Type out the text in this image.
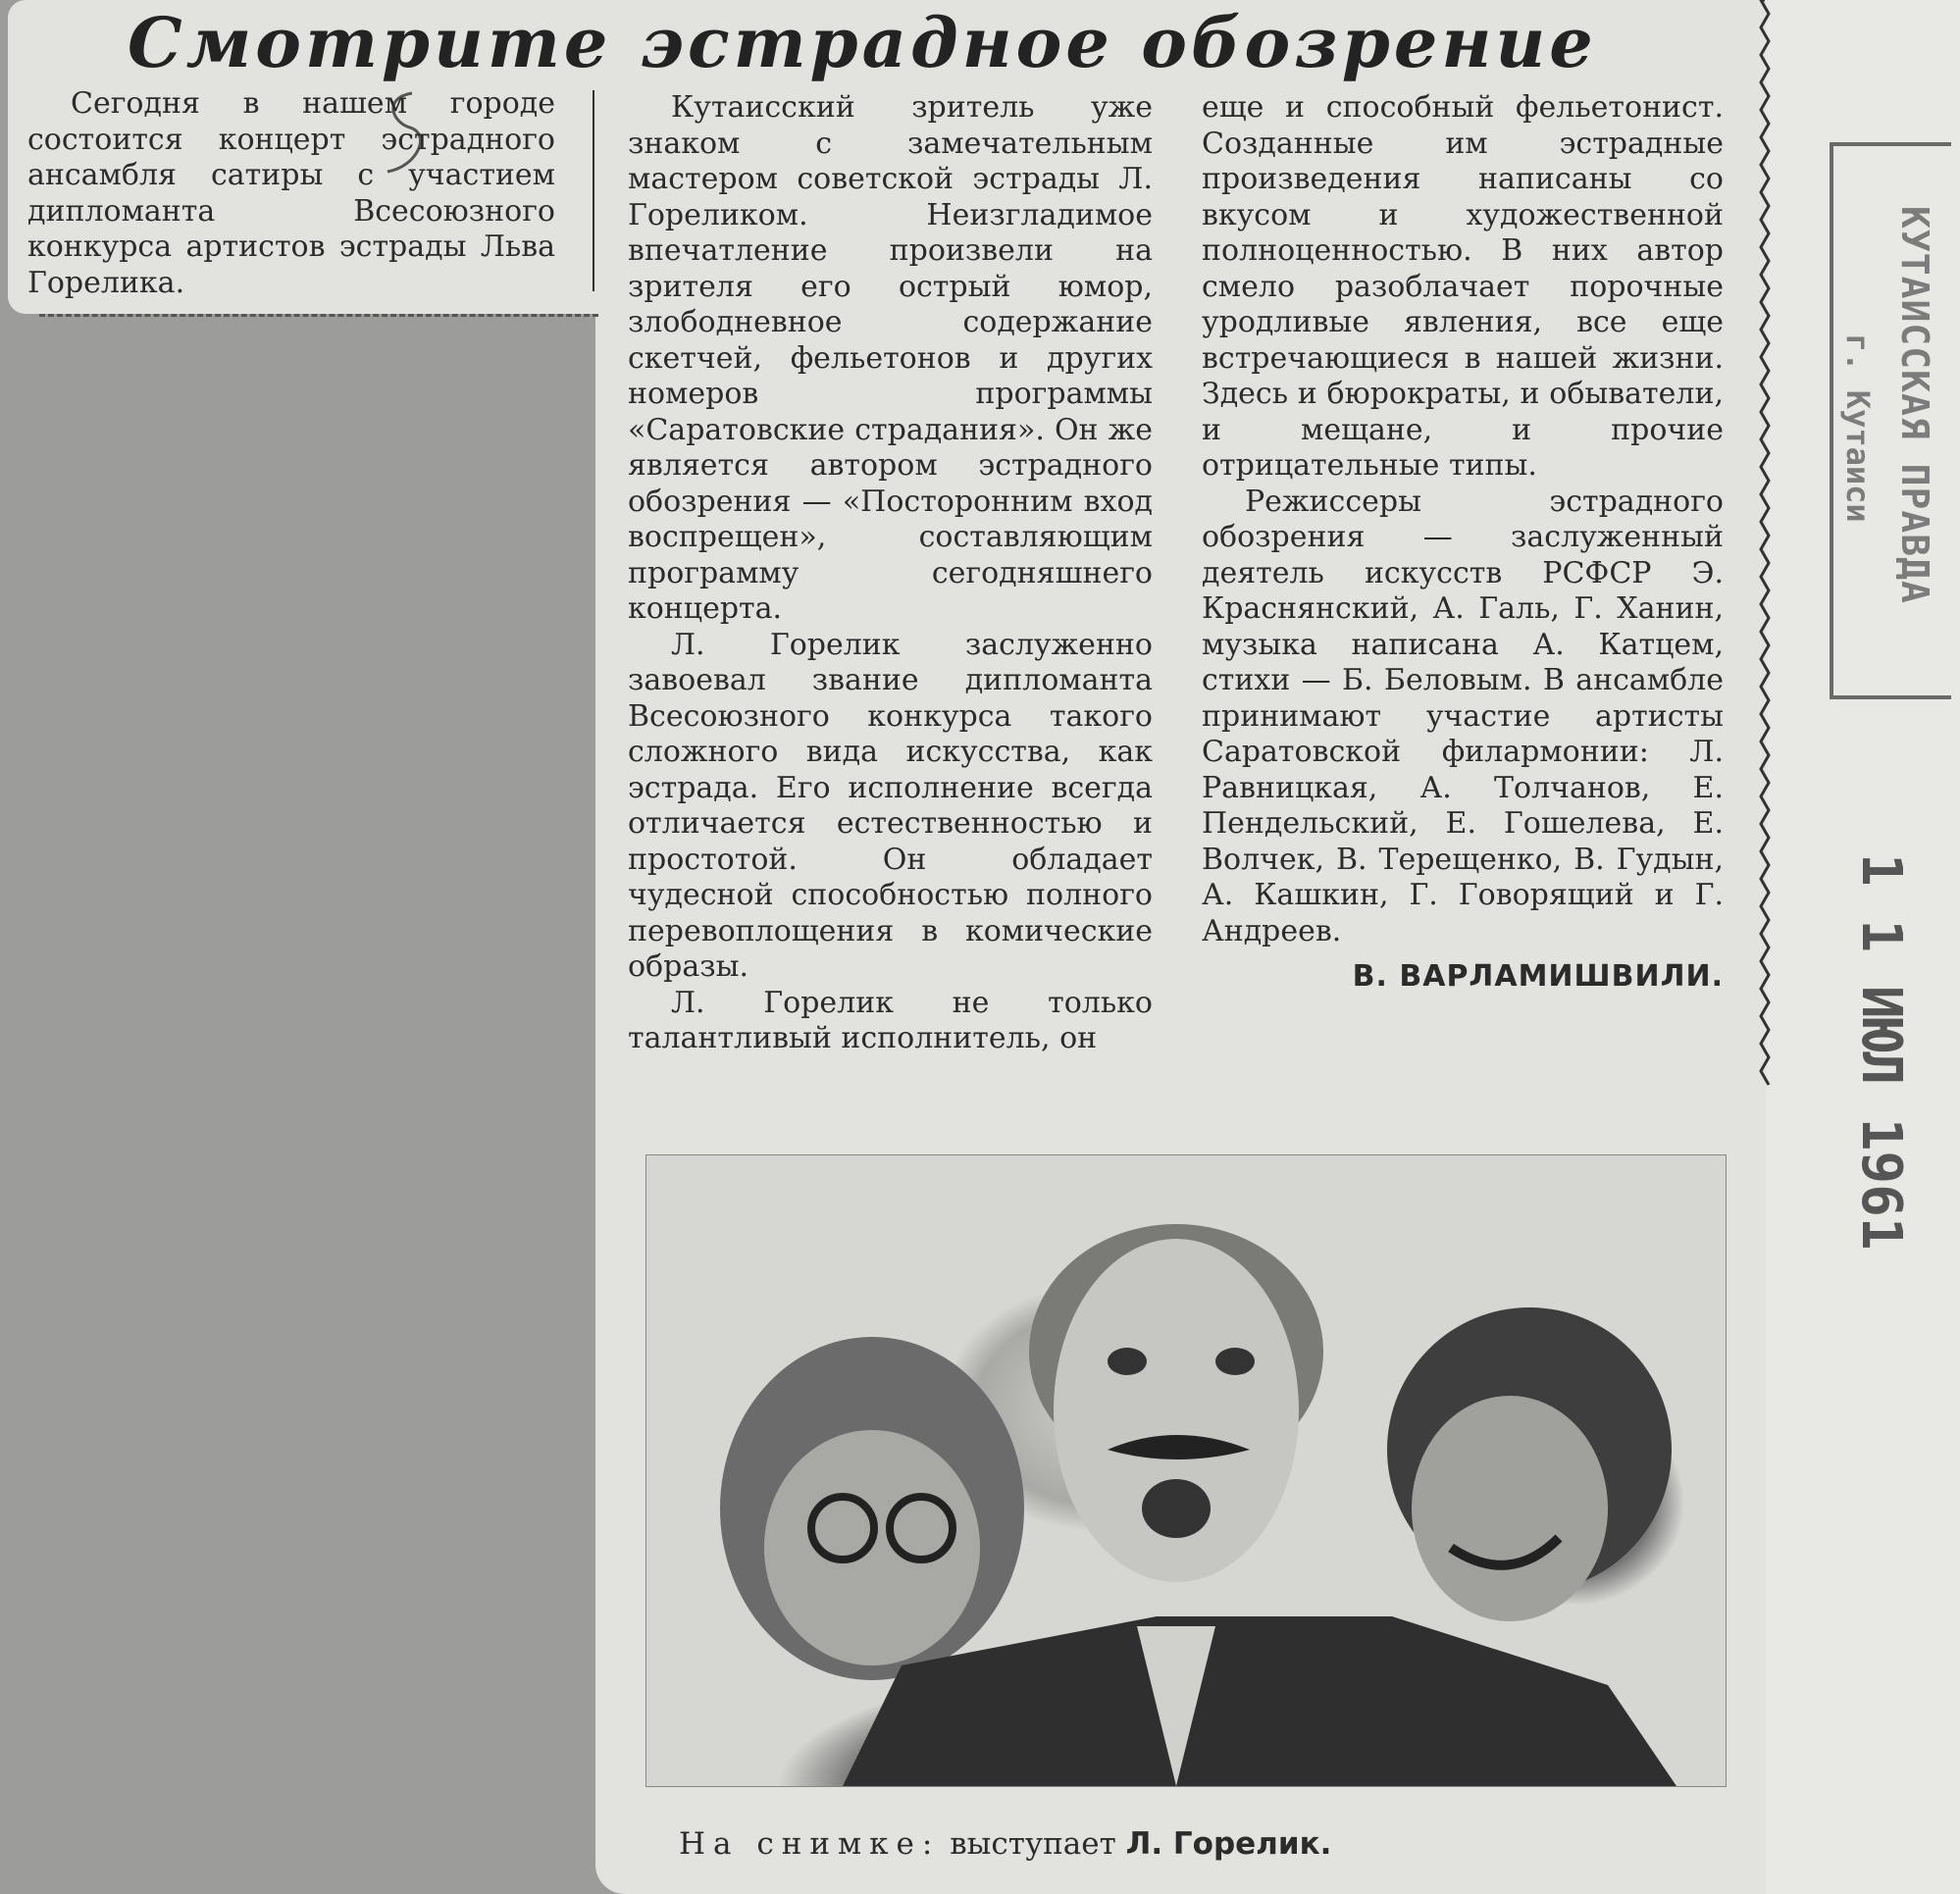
КУТАИССКАЯ ПРАВДА
г. Кутаиси
1 1 ИЮЛ 1961
Смотрите эстрадное обозрение

Сегодня в нашем городе состоится концерт эстрадного ансамбля сатиры с участием дипломанта Всесоюзного конкурса артистов эстрады Льва Горелика.

Кутаисский зритель уже знаком с замечательным мастером советской эстрады Л. Гореликом. Неизгладимое впечатление произвели на зрителя его острый юмор, злободневное содержание скетчей, фельетонов и других номеров программы «Саратовские страдания». Он же является автором эстрадного обозрения — «Посторонним вход воспрещен», составляющим программу сегодняшнего концерта.

Л. Горелик заслуженно завоевал звание дипломанта Всесоюзного конкурса такого сложного вида искусства, как эстрада. Его исполнение всегда отличается естественностью и простотой. Он обладает чудесной способностью полного перевоплощения в комические образы.

Л. Горелик не только талантливый исполнитель, он

еще и способный фельетонист. Созданные им эстрадные произведения написаны со вкусом и художественной полноценностью. В них автор смело разоблачает порочные уродливые явления, все еще встречающиеся в нашей жизни. Здесь и бюрократы, и обыватели, и мещане, и прочие отрицательные типы.

Режиссеры эстрадного обозрения — заслуженный деятель искусств РСФСР Э. Краснянский, А. Галь, Г. Ханин, музыка написана А. Катцем, стихи — Б. Беловым. В ансамбле принимают участие артисты Саратовской филармонии: Л. Равницкая, А. Толчанов, Е. Пендельский, Е. Гошелева, Е. Волчек, В. Терещенко, В. Гудын, А. Кашкин, Г. Говорящий и Г. Андреев.

В. ВАРЛАМИШВИЛИ.
На снимке: выступает Л. Горелик.
